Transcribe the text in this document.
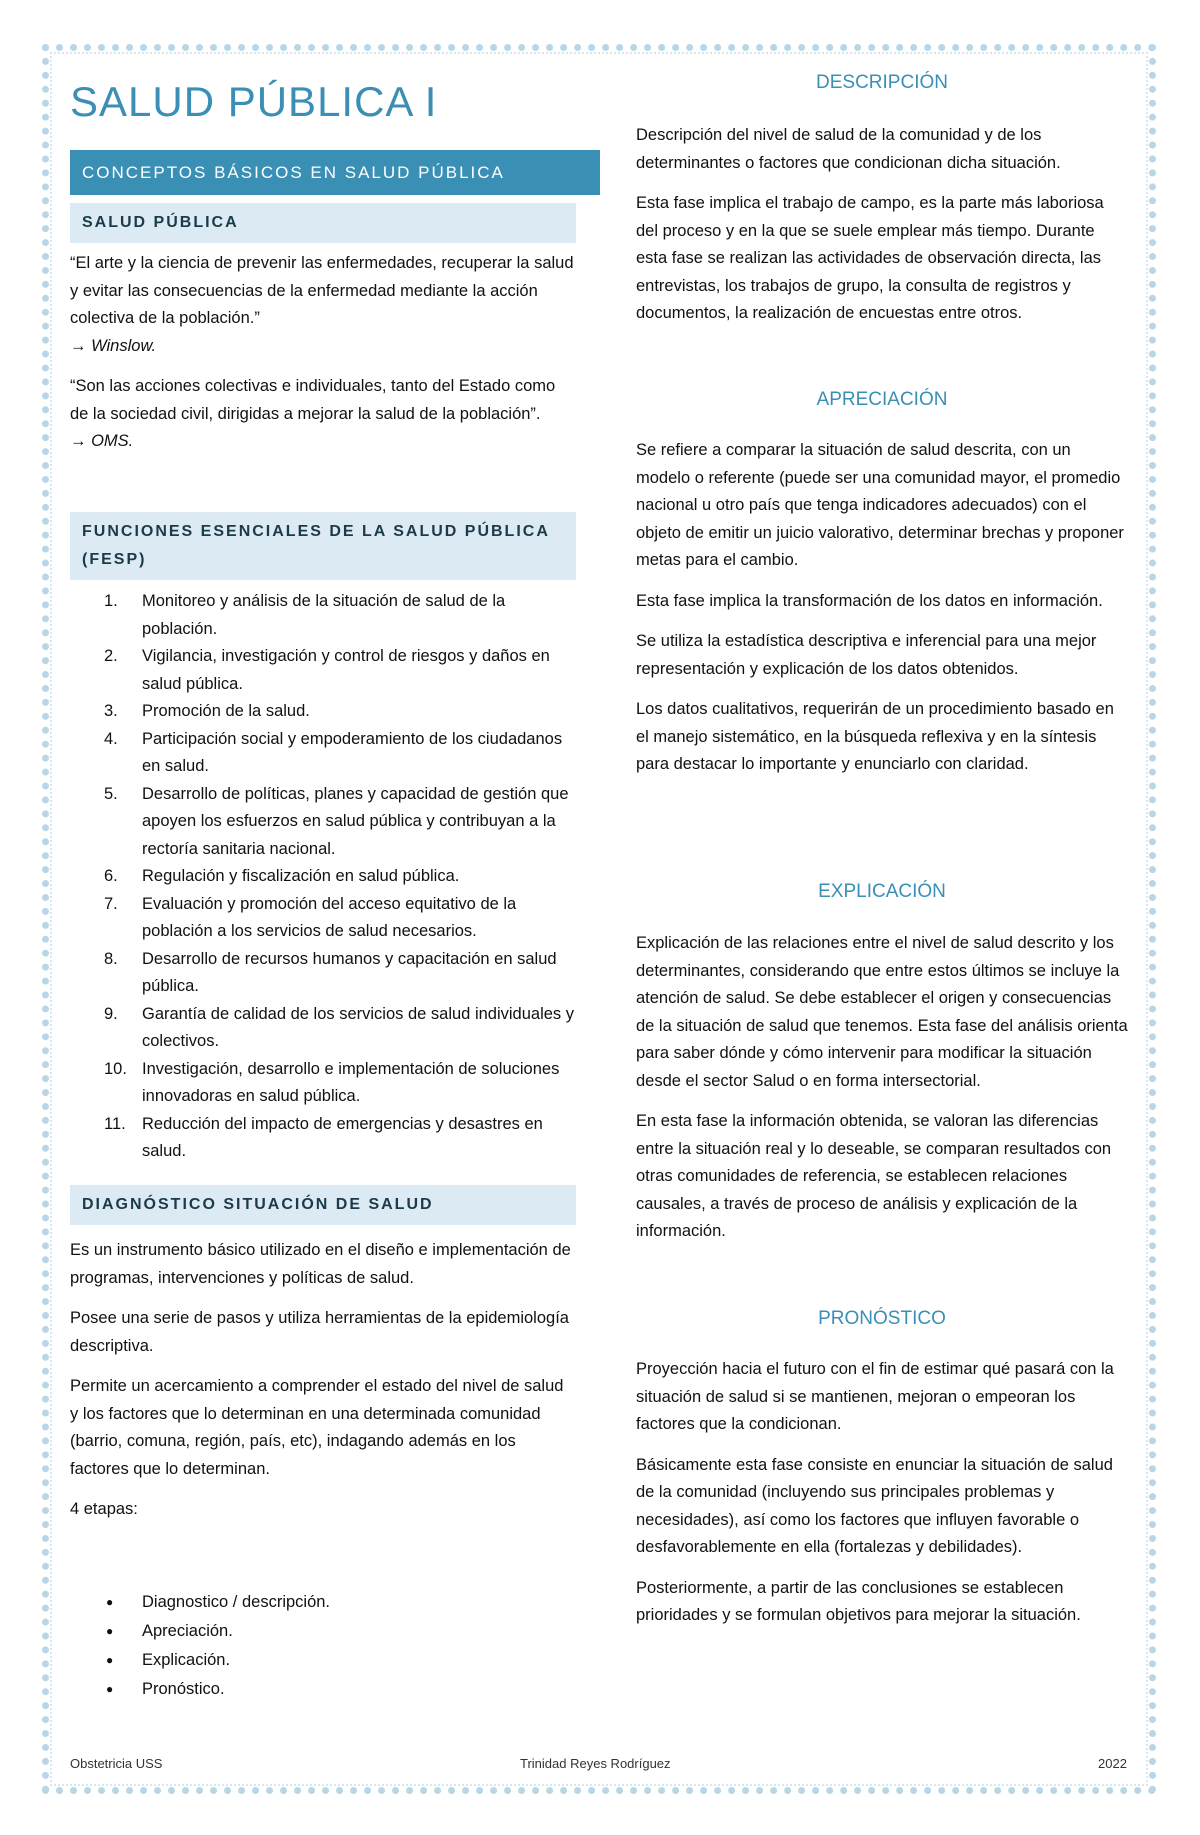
SALUD PÚBLICA I
CONCEPTOS BÁSICOS EN SALUD PÚBLICA
SALUD PÚBLICA

“El arte y la ciencia de prevenir las enfermedades, recuperar la salud y evitar las consecuencias de la enfermedad mediante la acción colectiva de la población.”

→ Winslow.

“Son las acciones colectivas e individuales, tanto del Estado como de la sociedad civil, dirigidas a mejorar la salud de la población”.

→ OMS.

FUNCIONES ESENCIALES DE LA SALUD PÚBLICA (FESP)
1. Monitoreo y análisis de la situación de salud de la población.
2. Vigilancia, investigación y control de riesgos y daños en salud pública.
3. Promoción de la salud.
4. Participación social y empoderamiento de los ciudadanos en salud.
5. Desarrollo de políticas, planes y capacidad de gestión que apoyen los esfuerzos en salud pública y contribuyan a la rectoría sanitaria nacional.
6. Regulación y fiscalización en salud pública.
7. Evaluación y promoción del acceso equitativo de la población a los servicios de salud necesarios.
8. Desarrollo de recursos humanos y capacitación en salud pública.
9. Garantía de calidad de los servicios de salud individuales y colectivos.
10. Investigación, desarrollo e implementación de soluciones innovadoras en salud pública.
11. Reducción del impacto de emergencias y desastres en salud.
DIAGNÓSTICO SITUACIÓN DE SALUD

Es un instrumento básico utilizado en el diseño e implementación de programas, intervenciones y políticas de salud.

Posee una serie de pasos y utiliza herramientas de la epidemiología descriptiva.

Permite un acercamiento a comprender el estado del nivel de salud y los factores que lo determinan en una determinada comunidad (barrio, comuna, región, país, etc), indagando además en los factores que lo determinan.

4 etapas:

● Diagnostico / descripción.
● Apreciación.
● Explicación.
● Pronóstico.
DESCRIPCIÓN

Descripción del nivel de salud de la comunidad y de los determinantes o factores que condicionan dicha situación.

Esta fase implica el trabajo de campo, es la parte más laboriosa del proceso y en la que se suele emplear más tiempo. Durante esta fase se realizan las actividades de observación directa, las entrevistas, los trabajos de grupo, la consulta de registros y documentos, la realización de encuestas entre otros.

APRECIACIÓN

Se refiere a comparar la situación de salud descrita, con un modelo o referente (puede ser una comunidad mayor, el promedio nacional u otro país que tenga indicadores adecuados) con el objeto de emitir un juicio valorativo, determinar brechas y proponer metas para el cambio.

Esta fase implica la transformación de los datos en información.

Se utiliza la estadística descriptiva e inferencial para una mejor representación y explicación de los datos obtenidos.

Los datos cualitativos, requerirán de un procedimiento basado en el manejo sistemático, en la búsqueda reflexiva y en la síntesis para destacar lo importante y enunciarlo con claridad.

EXPLICACIÓN

Explicación de las relaciones entre el nivel de salud descrito y los determinantes, considerando que entre estos últimos se incluye la atención de salud. Se debe establecer el origen y consecuencias de la situación de salud que tenemos. Esta fase del análisis orienta para saber dónde y cómo intervenir para modificar la situación desde el sector Salud o en forma intersectorial.

En esta fase la información obtenida, se valoran las diferencias entre la situación real y lo deseable, se comparan resultados con otras comunidades de referencia, se establecen relaciones causales, a través de proceso de análisis y explicación de la información.

PRONÓSTICO

Proyección hacia el futuro con el fin de estimar qué pasará con la situación de salud si se mantienen, mejoran o empeoran los factores que la condicionan.

Básicamente esta fase consiste en enunciar la situación de salud de la comunidad (incluyendo sus principales problemas y necesidades), así como los factores que influyen favorable o desfavorablemente en ella (fortalezas y debilidades).

Posteriormente, a partir de las conclusiones se establecen prioridades y se formulan objetivos para mejorar la situación.

Obstetricia USS	Trinidad Reyes Rodríguez	2022
